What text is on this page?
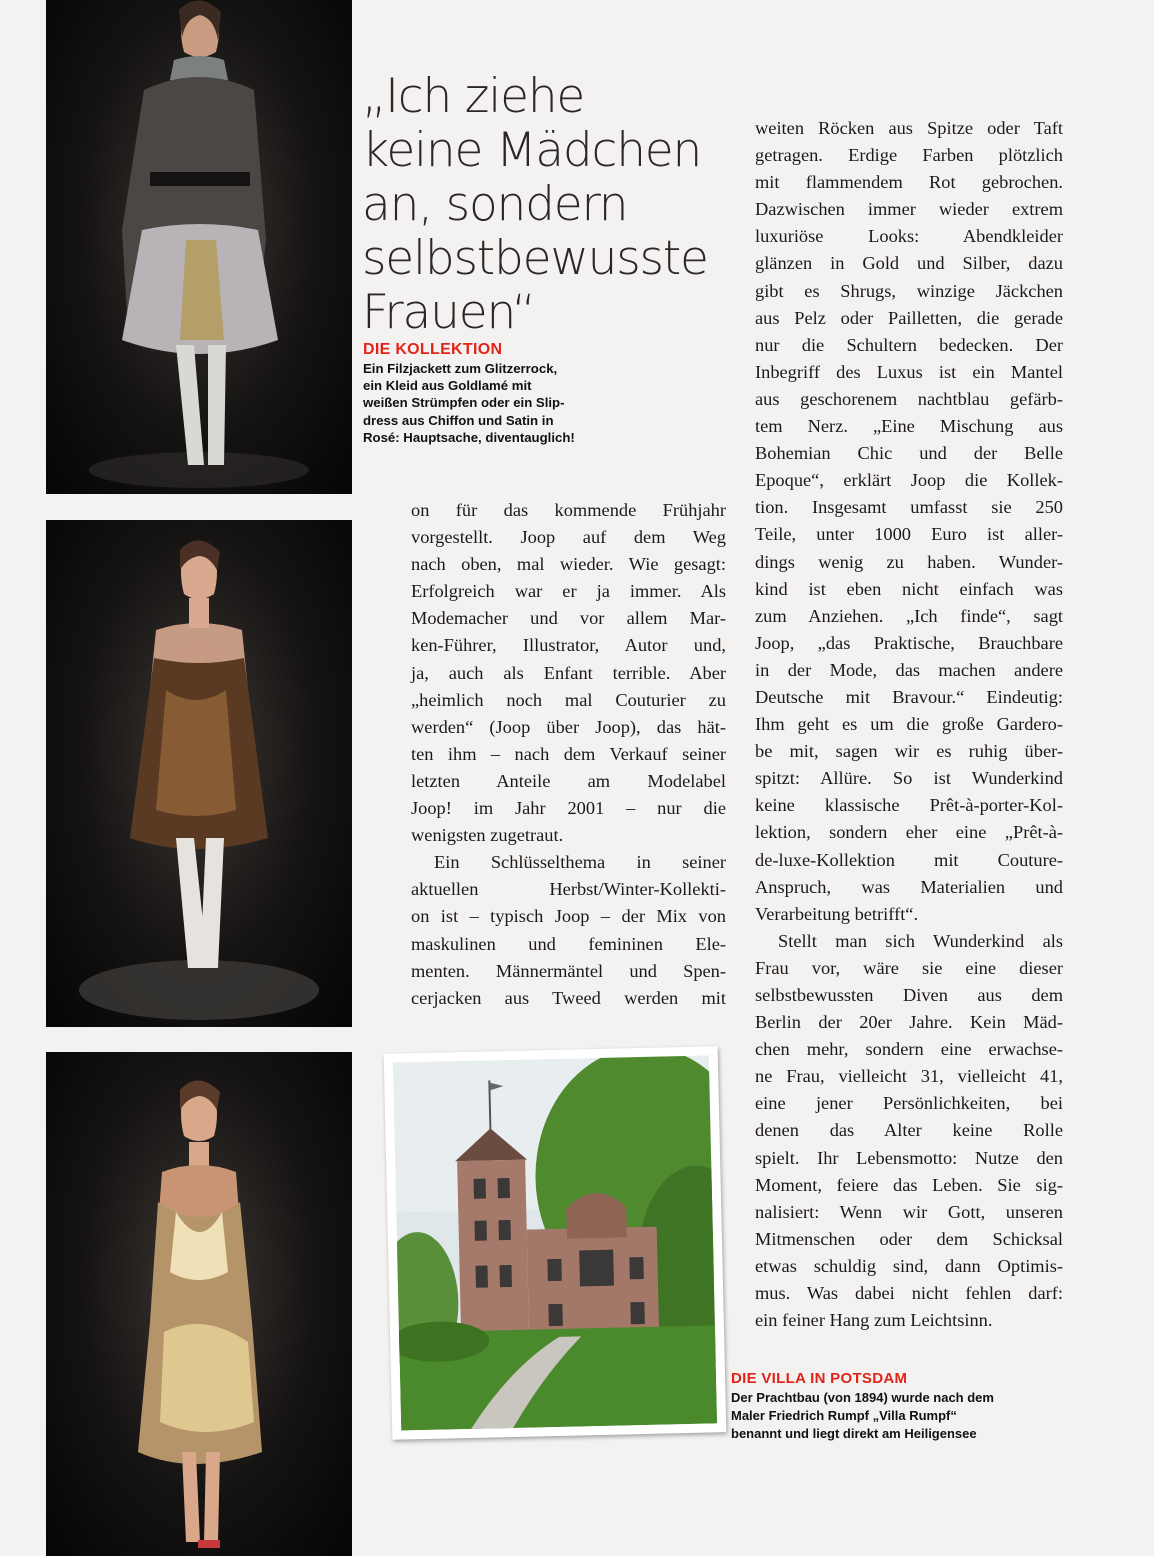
„Ich ziehe
keine Mädchen
an, sondern
selbstbewusste
Frauen“
DIE KOLLEKTION
Ein Filzjackett zum Glitzerrock,
ein Kleid aus Goldlamé mit
weißen Strümpfen oder ein Slip-
dress aus Chiffon und Satin in
Rosé: Hauptsache, diventauglich!
on für das kommende Frühjahr
vorgestellt. Joop auf dem Weg
nach oben, mal wieder. Wie gesagt:
Erfolgreich war er ja immer. Als
Modemacher und vor allem Mar-
ken-Führer, Illustrator, Autor und,
ja, auch als Enfant terrible. Aber
„heimlich noch mal Couturier zu
werden“ (Joop über Joop), das hät-
ten ihm – nach dem Verkauf seiner
letzten Anteile am Modelabel
Joop! im Jahr 2001 – nur die
wenigsten zugetraut.
Ein Schlüsselthema in seiner
aktuellen Herbst/Winter-Kollekti-
on ist – typisch Joop – der Mix von
maskulinen und femininen Ele-
menten. Männermäntel und Spen-
cerjacken aus Tweed werden mit
weiten Röcken aus Spitze oder Taft
getragen. Erdige Farben plötzlich
mit flammendem Rot gebrochen.
Dazwischen immer wieder extrem
luxuriöse Looks: Abendkleider
glänzen in Gold und Silber, dazu
gibt es Shrugs, winzige Jäckchen
aus Pelz oder Pailletten, die gerade
nur die Schultern bedecken. Der
Inbegriff des Luxus ist ein Mantel
aus geschorenem nachtblau gefärb-
tem Nerz. „Eine Mischung aus
Bohemian Chic und der Belle
Epoque“, erklärt Joop die Kollek-
tion. Insgesamt umfasst sie 250
Teile, unter 1000 Euro ist aller-
dings wenig zu haben. Wunder-
kind ist eben nicht einfach was
zum Anziehen. „Ich finde“, sagt
Joop, „das Praktische, Brauchbare
in der Mode, das machen andere
Deutsche mit Bravour.“ Eindeutig:
Ihm geht es um die große Gardero-
be mit, sagen wir es ruhig über-
spitzt: Allüre. So ist Wunderkind
keine klassische Prêt-à-porter-Kol-
lektion, sondern eher eine „Prêt-à-
de-luxe-Kollektion mit Couture-
Anspruch, was Materialien und
Verarbeitung betrifft“.
Stellt man sich Wunderkind als
Frau vor, wäre sie eine dieser
selbstbewussten Diven aus dem
Berlin der 20er Jahre. Kein Mäd-
chen mehr, sondern eine erwachse-
ne Frau, vielleicht 31, vielleicht 41,
eine jener Persönlichkeiten, bei
denen das Alter keine Rolle
spielt. Ihr Lebensmotto: Nutze den
Moment, feiere das Leben. Sie sig-
nalisiert: Wenn wir Gott, unseren
Mitmenschen oder dem Schicksal
etwas schuldig sind, dann Optimis-
mus. Was dabei nicht fehlen darf:
ein feiner Hang zum Leichtsinn.
DIE VILLA IN POTSDAM
Der Prachtbau (von 1894) wurde nach dem
Maler Friedrich Rumpf „Villa Rumpf“
benannt und liegt direkt am Heiligensee
